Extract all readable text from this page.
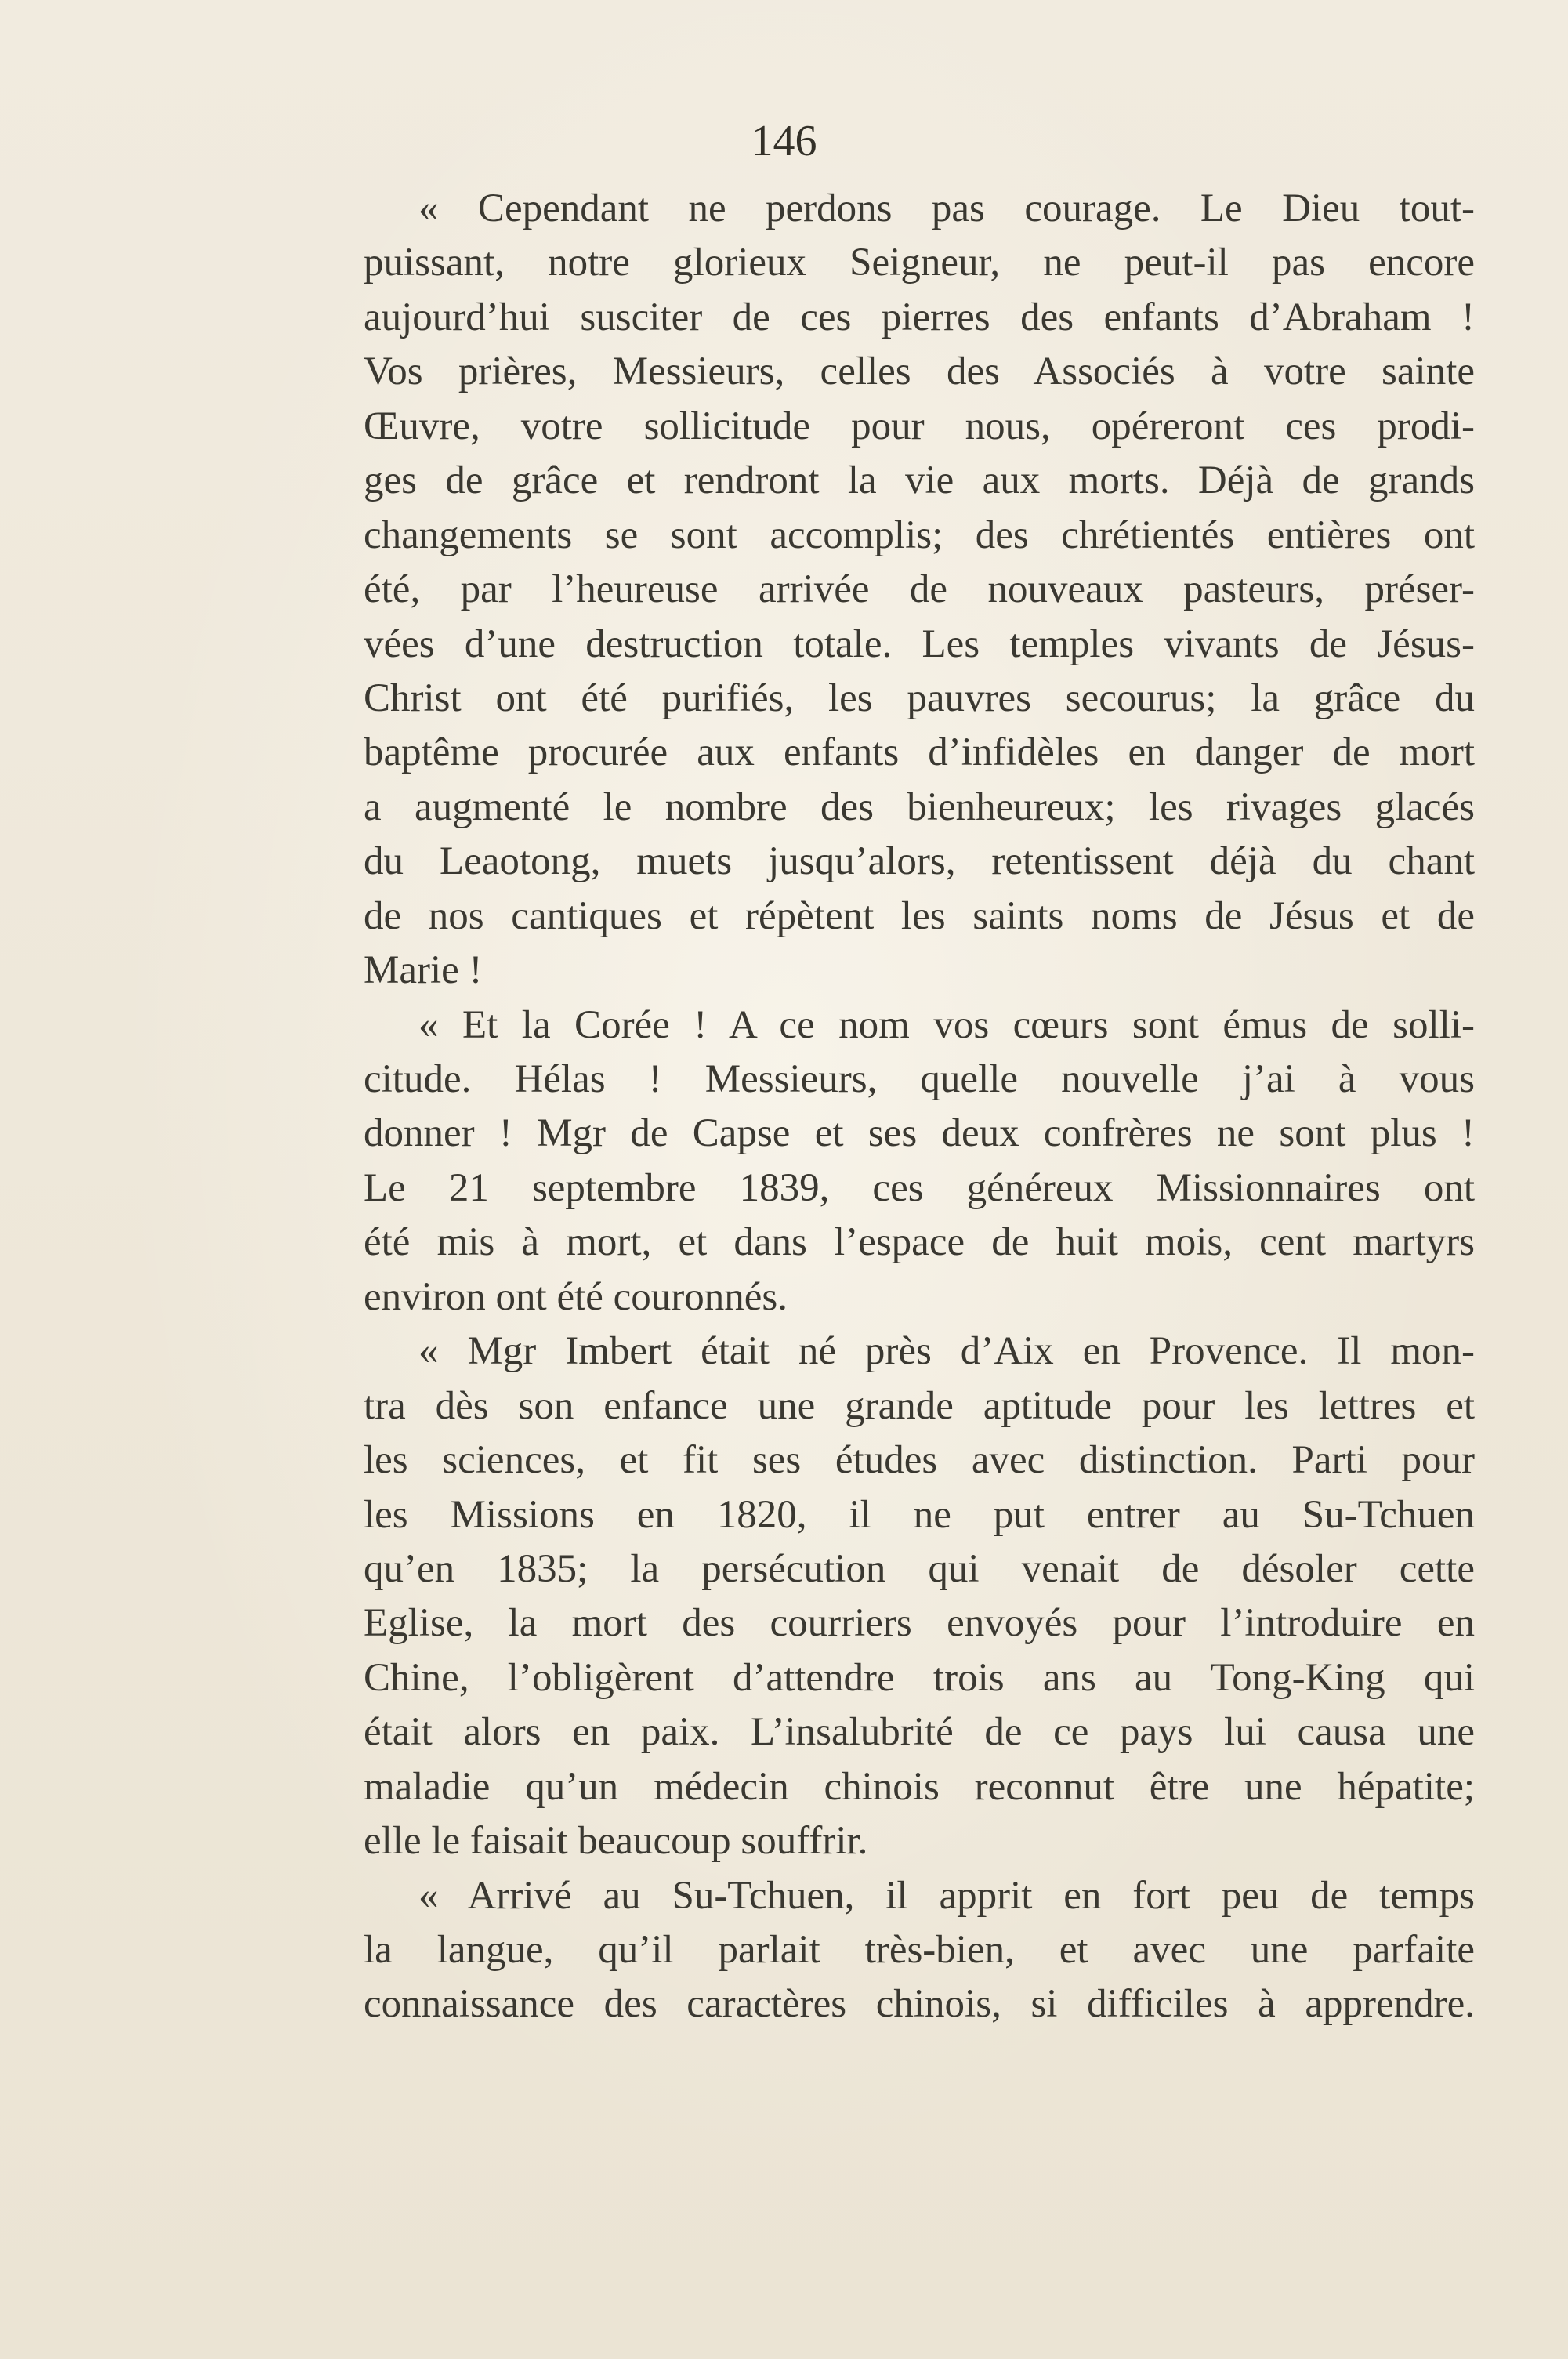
146

« Cependant ne perdons pas courage. Le Dieu tout-
puissant, notre glorieux Seigneur, ne peut-il pas encore
aujourd’hui susciter de ces pierres des enfants d’Abraham !
Vos prières, Messieurs, celles des Associés à votre sainte
Œuvre, votre sollicitude pour nous, opéreront ces prodi-
ges de grâce et rendront la vie aux morts. Déjà de grands
changements se sont accomplis; des chrétientés entières ont
été, par l’heureuse arrivée de nouveaux pasteurs, préser-
vées d’une destruction totale. Les temples vivants de Jésus-
Christ ont été purifiés, les pauvres secourus; la grâce du
baptême procurée aux enfants d’infidèles en danger de mort
a augmenté le nombre des bienheureux; les rivages glacés
du Leaotong, muets jusqu’alors, retentissent déjà du chant
de nos cantiques et répètent les saints noms de Jésus et de
Marie !
« Et la Corée ! A ce nom vos cœurs sont émus de solli-
citude. Hélas ! Messieurs, quelle nouvelle j’ai à vous
donner ! Mgr de Capse et ses deux confrères ne sont plus !
Le 21 septembre 1839, ces généreux Missionnaires ont
été mis à mort, et dans l’espace de huit mois, cent martyrs
environ ont été couronnés.
« Mgr Imbert était né près d’Aix en Provence. Il mon-
tra dès son enfance une grande aptitude pour les lettres et
les sciences, et fit ses études avec distinction. Parti pour
les Missions en 1820, il ne put entrer au Su-Tchuen
qu’en 1835; la persécution qui venait de désoler cette
Eglise, la mort des courriers envoyés pour l’introduire en
Chine, l’obligèrent d’attendre trois ans au Tong-King qui
était alors en paix. L’insalubrité de ce pays lui causa une
maladie qu’un médecin chinois reconnut être une hépatite;
elle le faisait beaucoup souffrir.
« Arrivé au Su-Tchuen, il apprit en fort peu de temps
la langue, qu’il parlait très-bien, et avec une parfaite
connaissance des caractères chinois, si difficiles à apprendre.
